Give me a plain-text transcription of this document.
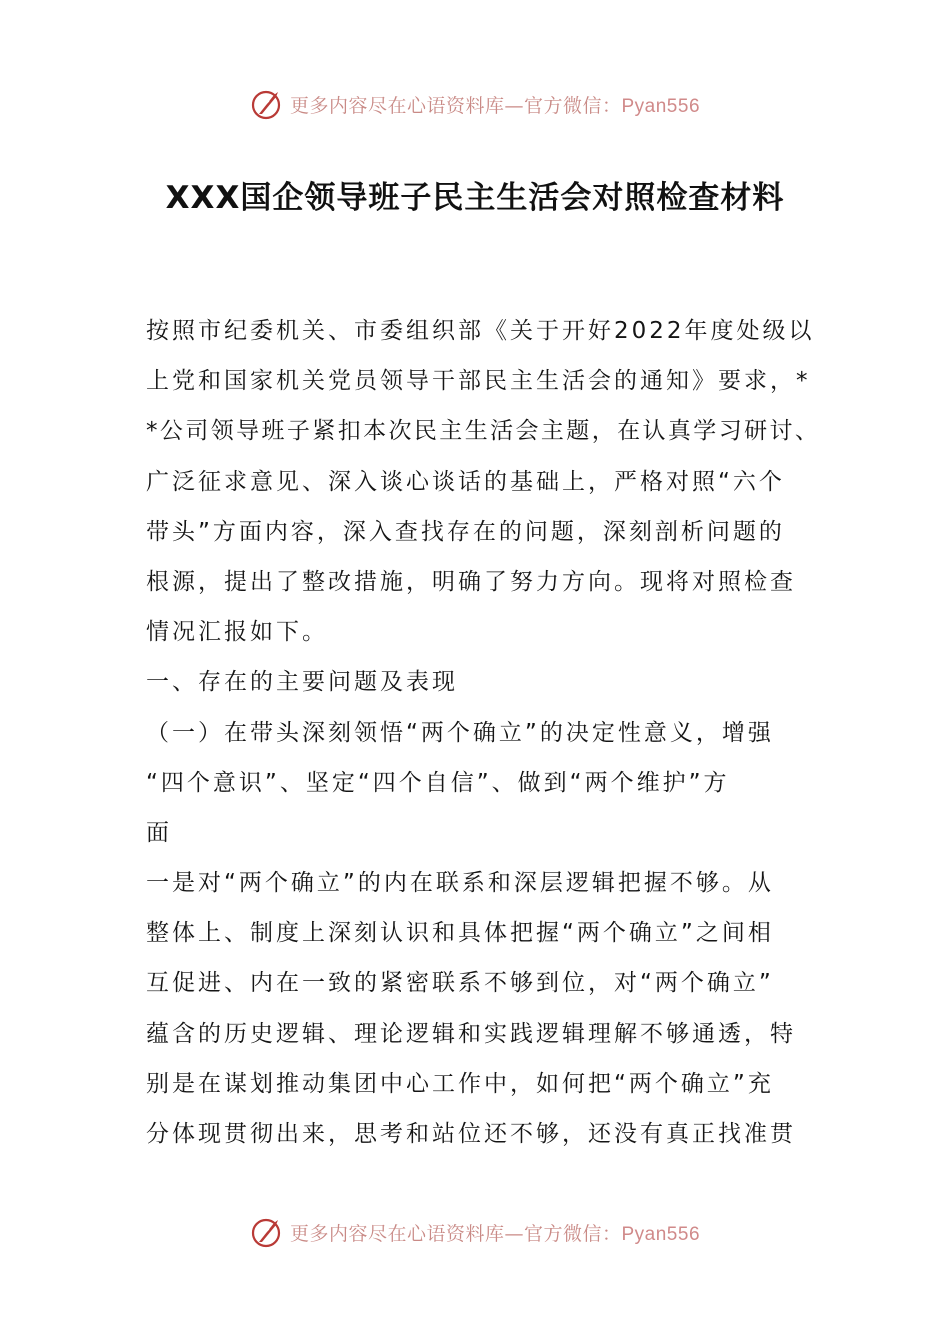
更多内容尽在心语资料库—官方微信：Pyan556
XXX国企领导班子民主生活会对照检查材料
按照市纪委机关、市委组织部《关于开好2022年度处级以
上党和国家机关党员领导干部民主生活会的通知》要求，*
*公司领导班子紧扣本次民主生活会主题，在认真学习研讨、
广泛征求意见、深入谈心谈话的基础上，严格对照“六个
带头”方面内容，深入查找存在的问题，深刻剖析问题的
根源，提出了整改措施，明确了努力方向。现将对照检查
情况汇报如下。
一、存在的主要问题及表现
（一）在带头深刻领悟“两个确立”的决定性意义，增强
“四个意识”、坚定“四个自信”、做到“两个维护”方
面
一是对“两个确立”的内在联系和深层逻辑把握不够。从
整体上、制度上深刻认识和具体把握“两个确立”之间相
互促进、内在一致的紧密联系不够到位，对“两个确立”
蕴含的历史逻辑、理论逻辑和实践逻辑理解不够通透，特
别是在谋划推动集团中心工作中，如何把“两个确立”充
分体现贯彻出来，思考和站位还不够，还没有真正找准贯
更多内容尽在心语资料库—官方微信：Pyan556
